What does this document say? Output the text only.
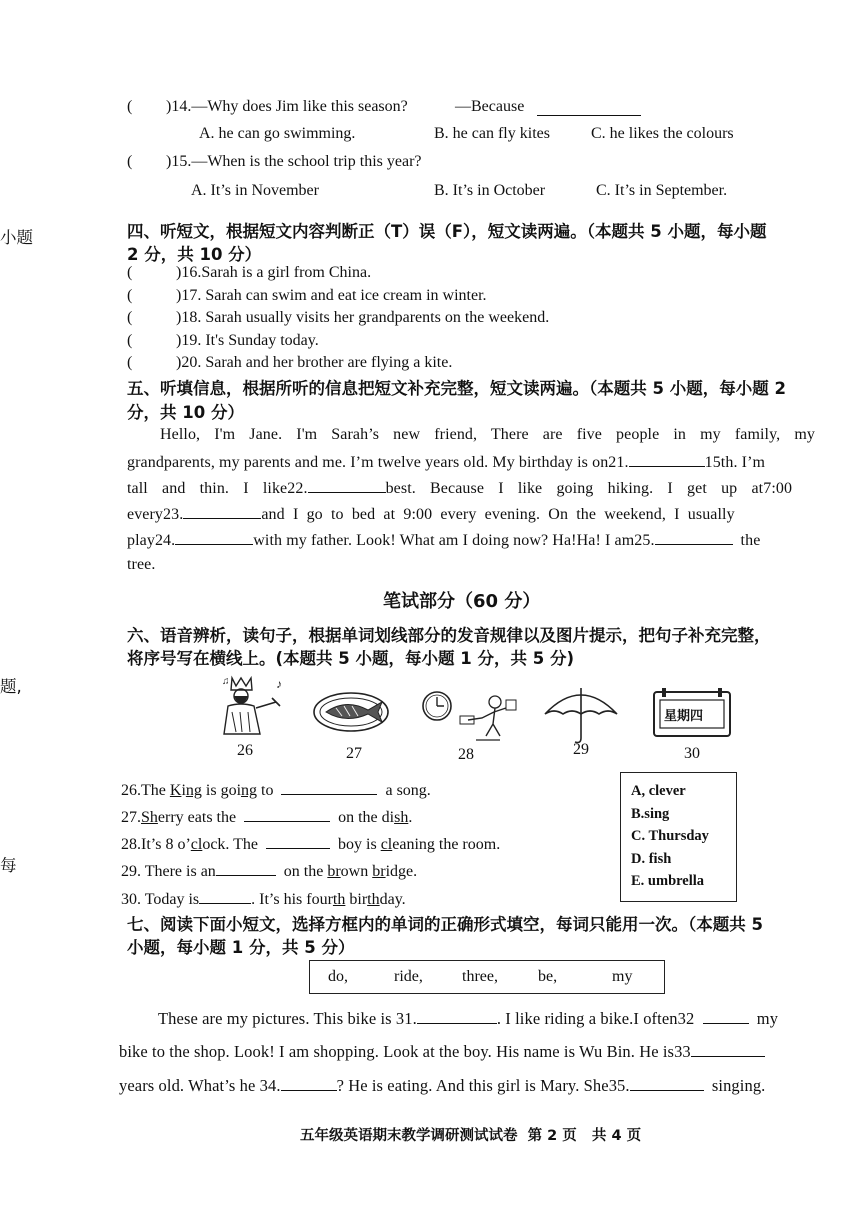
( )14.—Why does Jim like this season?	—Because
A. he can go swimming.	B. he can fly kites	C. he likes the colours
( )15.—When is the school trip this year?
A. It’s in November	B. It’s in October	C. It’s in September.
小题
题,
每
四、听短文，根据短文内容判断正（T）误（F），短文读两遍。（本题共 5 小题，每小题
2 分，共 10 分）
(	)16.Sarah is a girl from China.
(	)17. Sarah can swim and eat ice cream in winter.
(	)18. Sarah usually visits her grandparents on the weekend.
(	)19. It's Sunday today.
(	)20. Sarah and her brother are flying a kite.
五、听填信息，根据所听的信息把短文补充完整，短文读两遍。（本题共 5 小题，每小题 2
分，共 10 分）
Hello, I'm Jane. I'm Sarah’s new friend, There are five people in my family, my
grandparents, my parents and me. I’m twelve years old. My birthday is on21.	15th. I’m
tall  and  thin.  I  like22.	best.  Because  I  like  going  hiking.  I  get  up  at7:00
every23.	and  I  go  to  bed  at  9:00  every  evening.  On  the  weekend,  I  usually
play24.	with my father. Look! What am I doing now? Ha!Ha! I am25.	the
tree.
笔试部分（60 分）
六、语音辨析，读句子，根据单词划线部分的发音规律以及图片提示，把句子补充完整，
将序号写在横线上。(本题共 5 小题，每小题 1 分，共 5 分)
♪
♫
星期四
26	27	28	29	30
26.The King is going to	a song.
27.Sherry eats the	on the dish.
28.It’s 8 o’clock. The	boy is cleaning the room.
29. There is an	on the brown bridge.
30. Today is	. It’s his fourth birthday.
A, clever
B.sing
C. Thursday
D. fish
E. umbrella
七、阅读下面小短文，选择方框内的单词的正确形式填空，每词只能用一次。（本题共 5
小题，每小题 1 分，共 5 分）
do,	ride, three,	be,	my
These are my pictures. This bike is 31.	. I like riding a bike.I often32	my
bike to the shop. Look! I am shopping. Look at the boy. His name is Wu Bin. He is33
years old. What’s he 34.	? He is eating. And this girl is Mary. She35.	singing.
五年级英语期末教学调研测试试卷  第 2 页   共 4 页
